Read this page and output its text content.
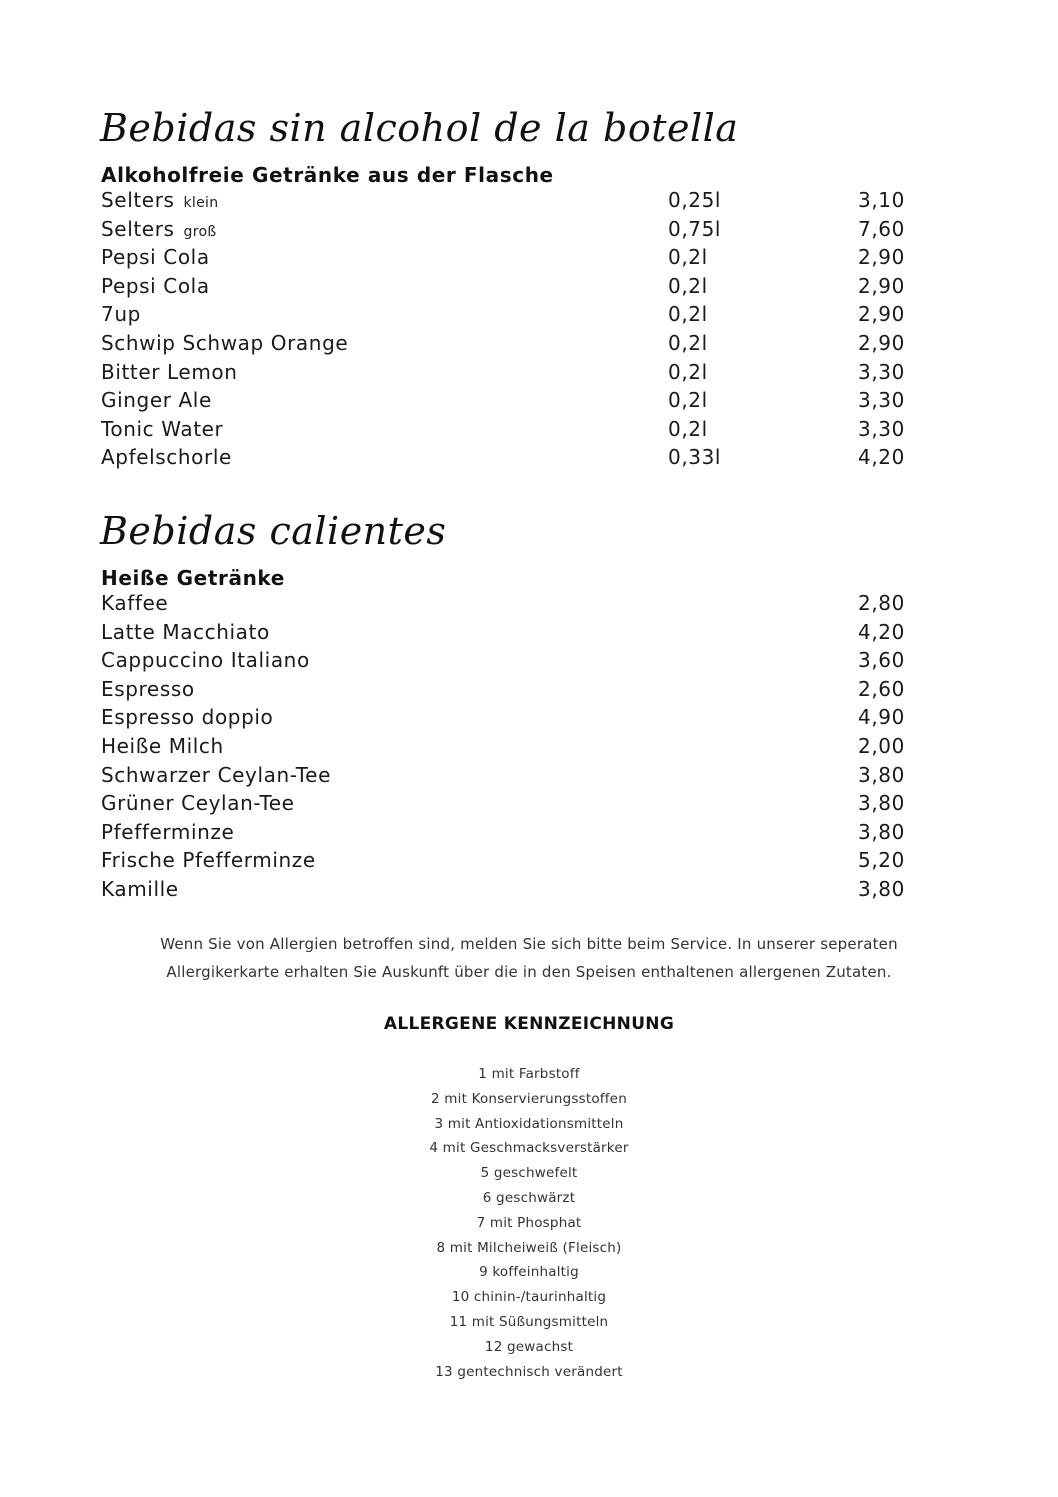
Bebidas sin alcohol de la botella
Alkoholfreie Getränke aus der Flasche
Selters klein	0,25l	3,10
Selters groß	0,75l	7,60
Pepsi Cola	0,2l	2,90
Pepsi Cola	0,2l	2,90
7up	0,2l	2,90
Schwip Schwap Orange	0,2l	2,90
Bitter Lemon	0,2l	3,30
Ginger Ale	0,2l	3,30
Tonic Water	0,2l	3,30
Apfelschorle	0,33l	4,20
Bebidas calientes
Heiße Getränke
Kaffee	2,80
Latte Macchiato	4,20
Cappuccino Italiano	3,60
Espresso	2,60
Espresso doppio	4,90
Heiße Milch	2,00
Schwarzer Ceylan-Tee	3,80
Grüner Ceylan-Tee	3,80
Pfefferminze	3,80
Frische Pfefferminze	5,20
Kamille	3,80

Wenn Sie von Allergien betroffen sind, melden Sie sich bitte beim Service. In unserer seperaten
Allergikerkarte erhalten Sie Auskunft über die in den Speisen enthaltenen allergenen Zutaten.

ALLERGENE KENNZEICHNUNG
1 mit Farbstoff
2 mit Konservierungsstoffen
3 mit Antioxidationsmitteln
4 mit Geschmacksverstärker
5 geschwefelt
6 geschwärzt
7 mit Phosphat
8 mit Milcheiweiß (Fleisch)
9 koffeinhaltig
10 chinin-/taurinhaltig
11 mit Süßungsmitteln
12 gewachst
13 gentechnisch verändert
